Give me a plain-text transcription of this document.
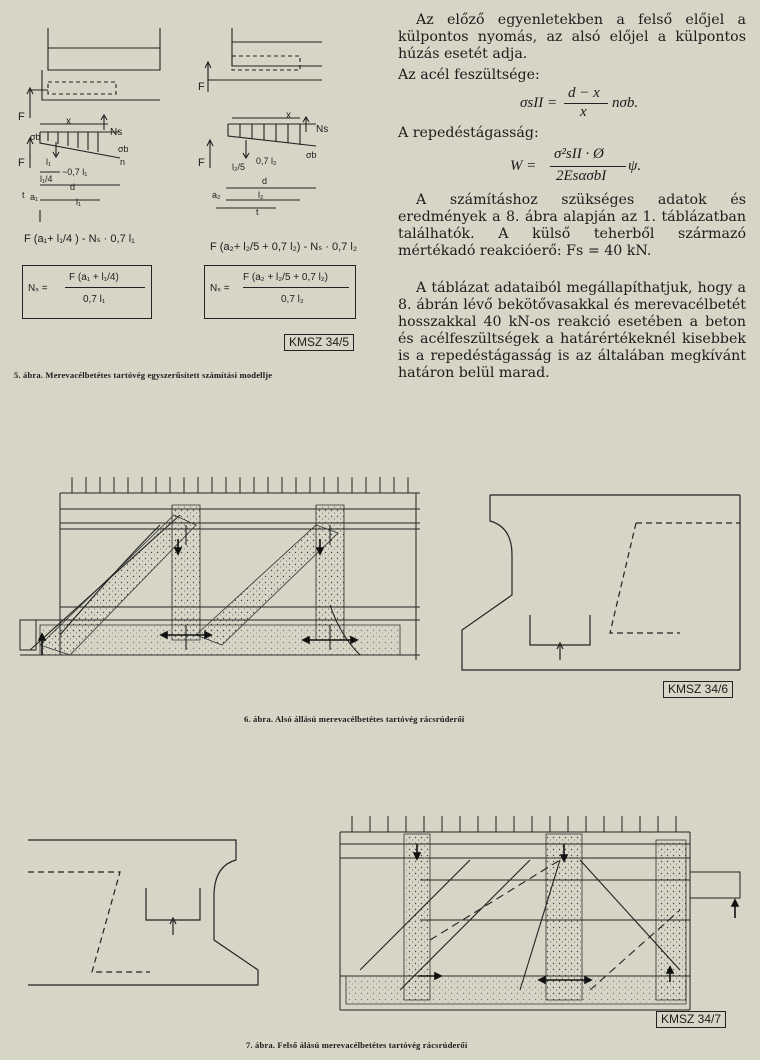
F
F
x
Ns
σb
σb
n
l₁
~0,7 l₁
l₁/4
d
a₁
t
l₁
F
F
x
Ns
σb
0,7 l₂
l₂/5
d
a₂	l₂
t
F (a₁+ l₁/4 ) - Nₛ · 0,7 l₁
F (a₂+ l₂/5 + 0,7 l₂) - Nₛ · 0,7 l₂
Nₛ =
F (a₁ + l₁/4)
0,7 l₁
Nₛ =
F (a₂ + l₂/5 + 0,7 l₂)
0,7 l₂
KMSZ 34/5
5. ábra. Merevacélbetétes tartóvég egyszerűsített számítási modellje

Az előző egyenletekben a felső előjel a külpontos nyomás, az alsó előjel a külpontos húzás esetét adja.

Az acél feszültsége:

σsII =
d − x
x
nσb.

A repedéstágasság:

W =
σ²sII · Ø
2EsασbI
ψ.

A számításhoz szükséges adatok és eredmények a 8. ábra alapján az 1. táblázatban találhatók. A külső teherből származó mértékadó reakcióerő: Fs = 40 kN.

A táblázat adataiból megállapíthatjuk, hogy a 8. ábrán lévő bekötővasakkal és merevacélbetét hosszakkal 40 kN-os reakció esetében a beton és acélfeszültségek a határértékeknél kisebbek is a repedéstágasság is az általában megkívánt határon belül marad.

KMSZ 34/6
6. ábra. Alsó állású merevacélbetétes tartóvég rácsrúderői
KMSZ 34/7
7. ábra. Felső álású merevacélbetétes tartóvég rácsrúderői
